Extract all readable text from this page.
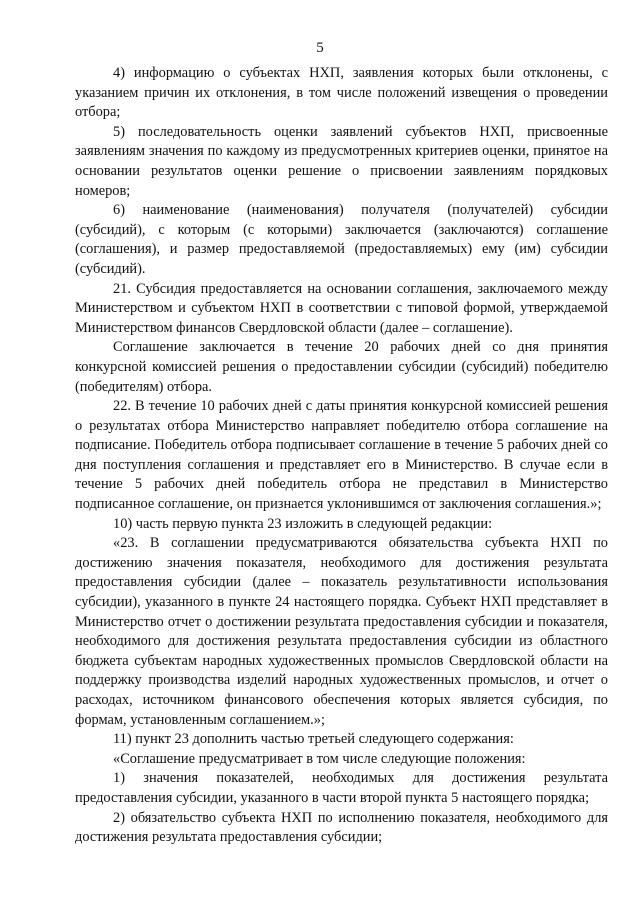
5

4) информацию о субъектах НХП, заявления которых были отклонены, с указанием причин их отклонения, в том числе положений извещения о проведении отбора;

5) последовательность оценки заявлений субъектов НХП, присвоенные заявлениям значения по каждому из предусмотренных критериев оценки, принятое на основании результатов оценки решение о присвоении заявлениям порядковых номеров;

6) наименование (наименования) получателя (получателей) субсидии (субсидий), с которым (с которыми) заключается (заключаются) соглашение (соглашения), и размер предоставляемой (предоставляемых) ему (им) субсидии (субсидий).

21. Субсидия предоставляется на основании соглашения, заключаемого между Министерством и субъектом НХП в соответствии с типовой формой, утверждаемой Министерством финансов Свердловской области (далее – соглашение).

Соглашение заключается в течение 20 рабочих дней со дня принятия конкурсной комиссией решения о предоставлении субсидии (субсидий) победителю (победителям) отбора.

22. В течение 10 рабочих дней с даты принятия конкурсной комиссией решения о результатах отбора Министерство направляет победителю отбора соглашение на подписание. Победитель отбора подписывает соглашение в течение 5 рабочих дней со дня поступления соглашения и представляет его в Министерство. В случае если в течение 5 рабочих дней победитель отбора не представил в Министерство подписанное соглашение, он признается уклонившимся от заключения соглашения.»;

10) часть первую пункта 23 изложить в следующей редакции:

«23. В соглашении предусматриваются обязательства субъекта НХП по достижению значения показателя, необходимого для достижения результата предоставления субсидии (далее – показатель результативности использования субсидии), указанного в пункте 24 настоящего порядка. Субъект НХП представляет в Министерство отчет о достижении результата предоставления субсидии и показателя, необходимого для достижения результата предоставления субсидии из областного бюджета субъектам народных художественных промыслов Свердловской области на поддержку производства изделий народных художественных промыслов, и отчет о расходах, источником финансового обеспечения которых является субсидия, по формам, установленным соглашением.»;

11) пункт 23 дополнить частью третьей следующего содержания:

«Соглашение предусматривает в том числе следующие положения:

1) значения показателей, необходимых для достижения результата предоставления субсидии, указанного в части второй пункта 5 настоящего порядка;

2) обязательство субъекта НХП по исполнению показателя, необходимого для достижения результата предоставления субсидии;
